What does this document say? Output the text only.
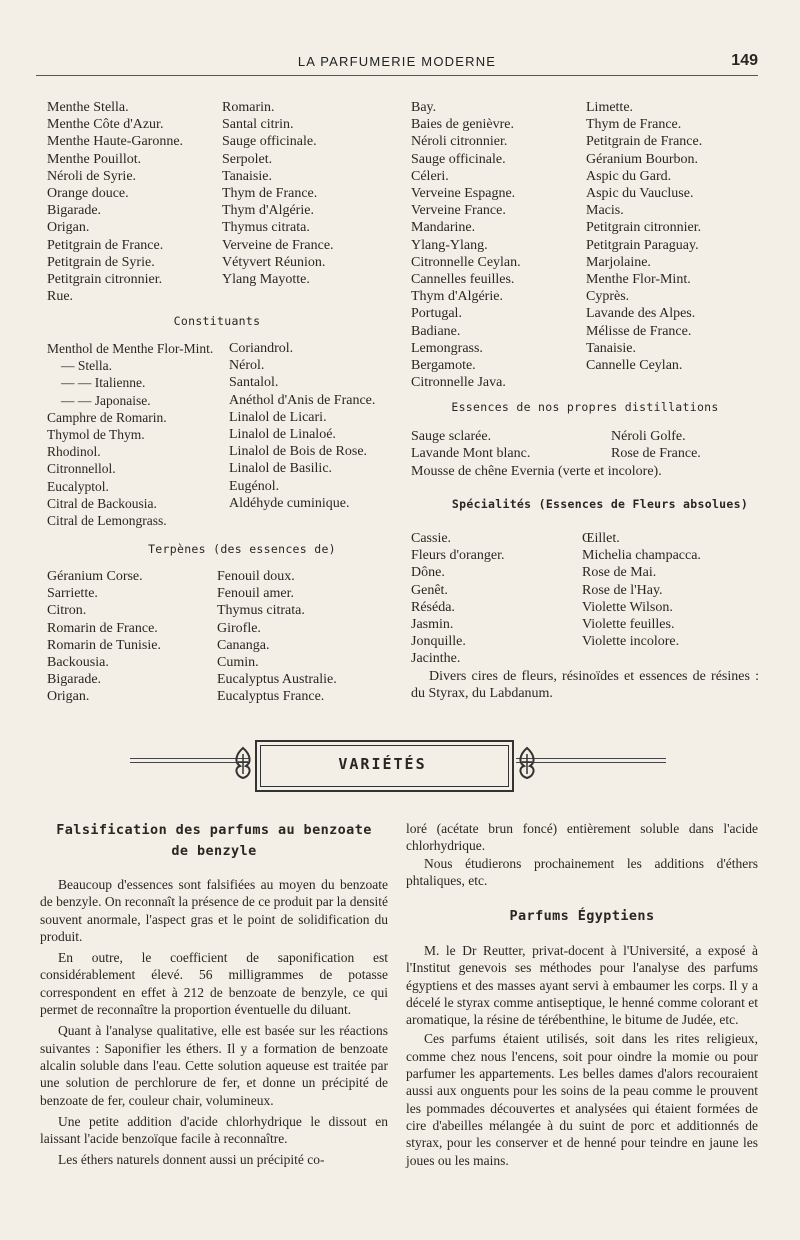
LA PARFUMERIE MODERNE	149
Menthe Stella.
Menthe Côte d'Azur.
Menthe Haute-Garonne.
Menthe Pouillot.
Néroli de Syrie.
Orange douce.
Bigarade.
Origan.
Petitgrain de France.
Petitgrain de Syrie.
Petitgrain citronnier.
Rue.
Romarin.
Santal citrin.
Sauge officinale.
Serpolet.
Tanaisie.
Thym de France.
Thym d'Algérie.
Thymus citrata.
Verveine de France.
Vétyvert Réunion.
Ylang Mayotte.
Constituants
Menthol de Menthe Flor-Mint.
— Stella.
— — Italienne.
— — Japonaise.
Camphre de Romarin.
Thymol de Thym.
Rhodinol.
Citronnellol.
Eucalyptol.
Citral de Backousia.
Citral de Lemongrass.
Coriandrol.
Nérol.
Santalol.
Anéthol d'Anis de France.
Linalol de Licari.
Linalol de Linaloé.
Linalol de Bois de Rose.
Linalol de Basilic.
Eugénol.
Aldéhyde cuminique.
Terpènes (des essences de)
Géranium Corse.
Sarriette.
Citron.
Romarin de France.
Romarin de Tunisie.
Backousia.
Bigarade.
Origan.
Fenouil doux.
Fenouil amer.
Thymus citrata.
Girofle.
Cananga.
Cumin.
Eucalyptus Australie.
Eucalyptus France.
Bay.
Baies de genièvre.
Néroli citronnier.
Sauge officinale.
Céleri.
Verveine Espagne.
Verveine France.
Mandarine.
Ylang-Ylang.
Citronnelle Ceylan.
Cannelles feuilles.
Thym d'Algérie.
Portugal.
Badiane.
Lemongrass.
Bergamote.
Citronnelle Java.
Limette.
Thym de France.
Petitgrain de France.
Géranium Bourbon.
Aspic du Gard.
Aspic du Vaucluse.
Macis.
Petitgrain citronnier.
Petitgrain Paraguay.
Marjolaine.
Menthe Flor-Mint.
Cyprès.
Lavande des Alpes.
Mélisse de France.
Tanaisie.
Cannelle Ceylan.
Essences de nos propres distillations
Sauge sclarée.
Lavande Mont blanc.
Néroli Golfe.
Rose de France.
Mousse de chêne Evernia (verte et incolore).
Spécialités (Essences de Fleurs absolues)
Cassie.
Fleurs d'oranger.
Dône.
Genêt.
Réséda.
Jasmin.
Jonquille.
Jacinthe.
Œillet.
Michelia champacca.
Rose de Mai.
Rose de l'Hay.
Violette Wilson.
Violette feuilles.
Violette incolore.

Divers cires de fleurs, résinoïdes et essences de résines : du Styrax, du Labdanum.

VARIÉTÉS
Falsification des parfums au benzoate
de benzyle

Beaucoup d'essences sont falsifiées au moyen du benzoate de benzyle. On reconnaît la présence de ce produit par la densité souvent anormale, l'aspect gras et le point de solidification du produit.

En outre, le coefficient de saponification est considérablement élevé. 56 milligrammes de potasse correspondent en effet à 212 de benzoate de benzyle, ce qui permet de reconnaître la proportion éventuelle du diluant.

Quant à l'analyse qualitative, elle est basée sur les réactions suivantes : Saponifier les éthers. Il y a formation de benzoate alcalin soluble dans l'eau. Cette solution aqueuse est traitée par une solution de perchlorure de fer, et donne un précipité de benzoate de fer, couleur chair, volumineux.

Une petite addition d'acide chlorhydrique le dissout en laissant l'acide benzoïque facile à reconnaître.

Les éthers naturels donnent aussi un précipité co-

loré (acétate brun foncé) entièrement soluble dans l'acide chlorhydrique.

Nous étudierons prochainement les additions d'éthers phtaliques, etc.

Parfums Égyptiens

M. le Dr Reutter, privat-docent à l'Université, a exposé à l'Institut genevois ses méthodes pour l'analyse des parfums égyptiens et des masses ayant servi à embaumer les corps. Il y a décelé le styrax comme antiseptique, le henné comme colorant et aromatique, la résine de térébenthine, le bitume de Judée, etc.

Ces parfums étaient utilisés, soit dans les rites religieux, comme chez nous l'encens, soit pour oindre la momie ou pour parfumer les appartements. Les belles dames d'alors recouraient aussi aux onguents pour les soins de la peau comme le prouvent les pommades découvertes et analysées qui étaient formées de cire d'abeilles mélangée à du suint de porc et additionnés de styrax, pour les conserver et de henné pour teindre en jaune les joues ou les mains.
